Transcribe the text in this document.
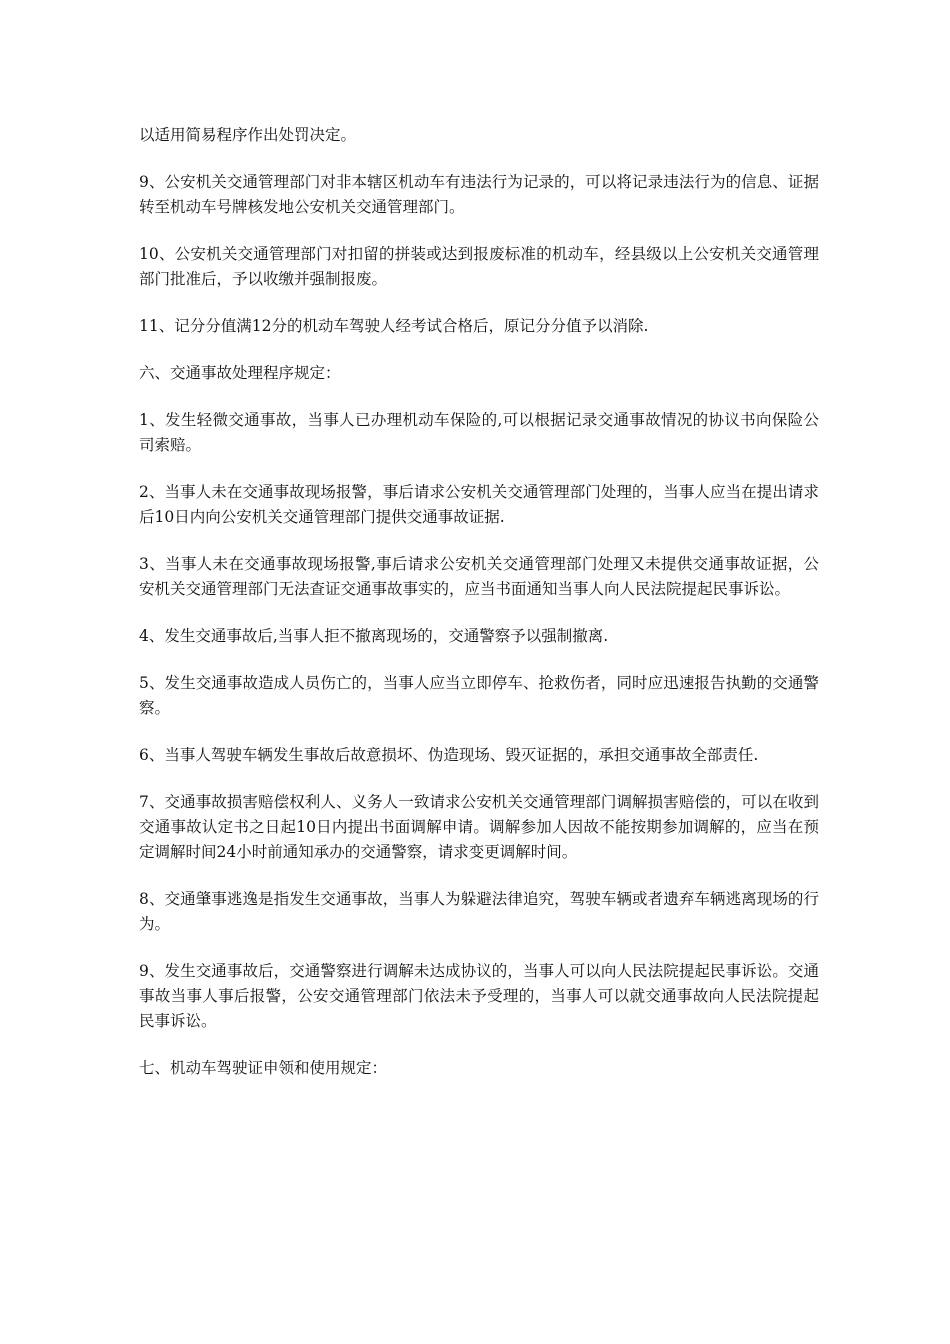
以适用简易程序作出处罚决定。

9、公安机关交通管理部门对非本辖区机动车有违法行为记录的，可以将记录违法行为的信息、证据转至机动车号牌核发地公安机关交通管理部门。

10、公安机关交通管理部门对扣留的拼装或达到报废标准的机动车，经县级以上公安机关交通管理部门批准后，予以收缴并强制报废。

11、记分分值满12分的机动车驾驶人经考试合格后，原记分分值予以消除.

六、交通事故处理程序规定：

1、发生轻微交通事故，当事人已办理机动车保险的,可以根据记录交通事故情况的协议书向保险公司索赔。

2、当事人未在交通事故现场报警，事后请求公安机关交通管理部门处理的，当事人应当在提出请求后10日内向公安机关交通管理部门提供交通事故证据.

3、当事人未在交通事故现场报警,事后请求公安机关交通管理部门处理又未提供交通事故证据，公安机关交通管理部门无法查证交通事故事实的，应当书面通知当事人向人民法院提起民事诉讼。

4、发生交通事故后,当事人拒不撤离现场的，交通警察予以强制撤离.

5、发生交通事故造成人员伤亡的，当事人应当立即停车、抢救伤者，同时应迅速报告执勤的交通警察。

6、当事人驾驶车辆发生事故后故意损坏、伪造现场、毁灭证据的，承担交通事故全部责任.

7、交通事故损害赔偿权利人、义务人一致请求公安机关交通管理部门调解损害赔偿的，可以在收到交通事故认定书之日起10日内提出书面调解申请。调解参加人因故不能按期参加调解的，应当在预定调解时间24小时前通知承办的交通警察，请求变更调解时间。

8、交通肇事逃逸是指发生交通事故，当事人为躲避法律追究，驾驶车辆或者遗弃车辆逃离现场的行为。

9、发生交通事故后，交通警察进行调解未达成协议的，当事人可以向人民法院提起民事诉讼。交通事故当事人事后报警，公安交通管理部门依法未予受理的，当事人可以就交通事故向人民法院提起民事诉讼。

七、机动车驾驶证申领和使用规定：
